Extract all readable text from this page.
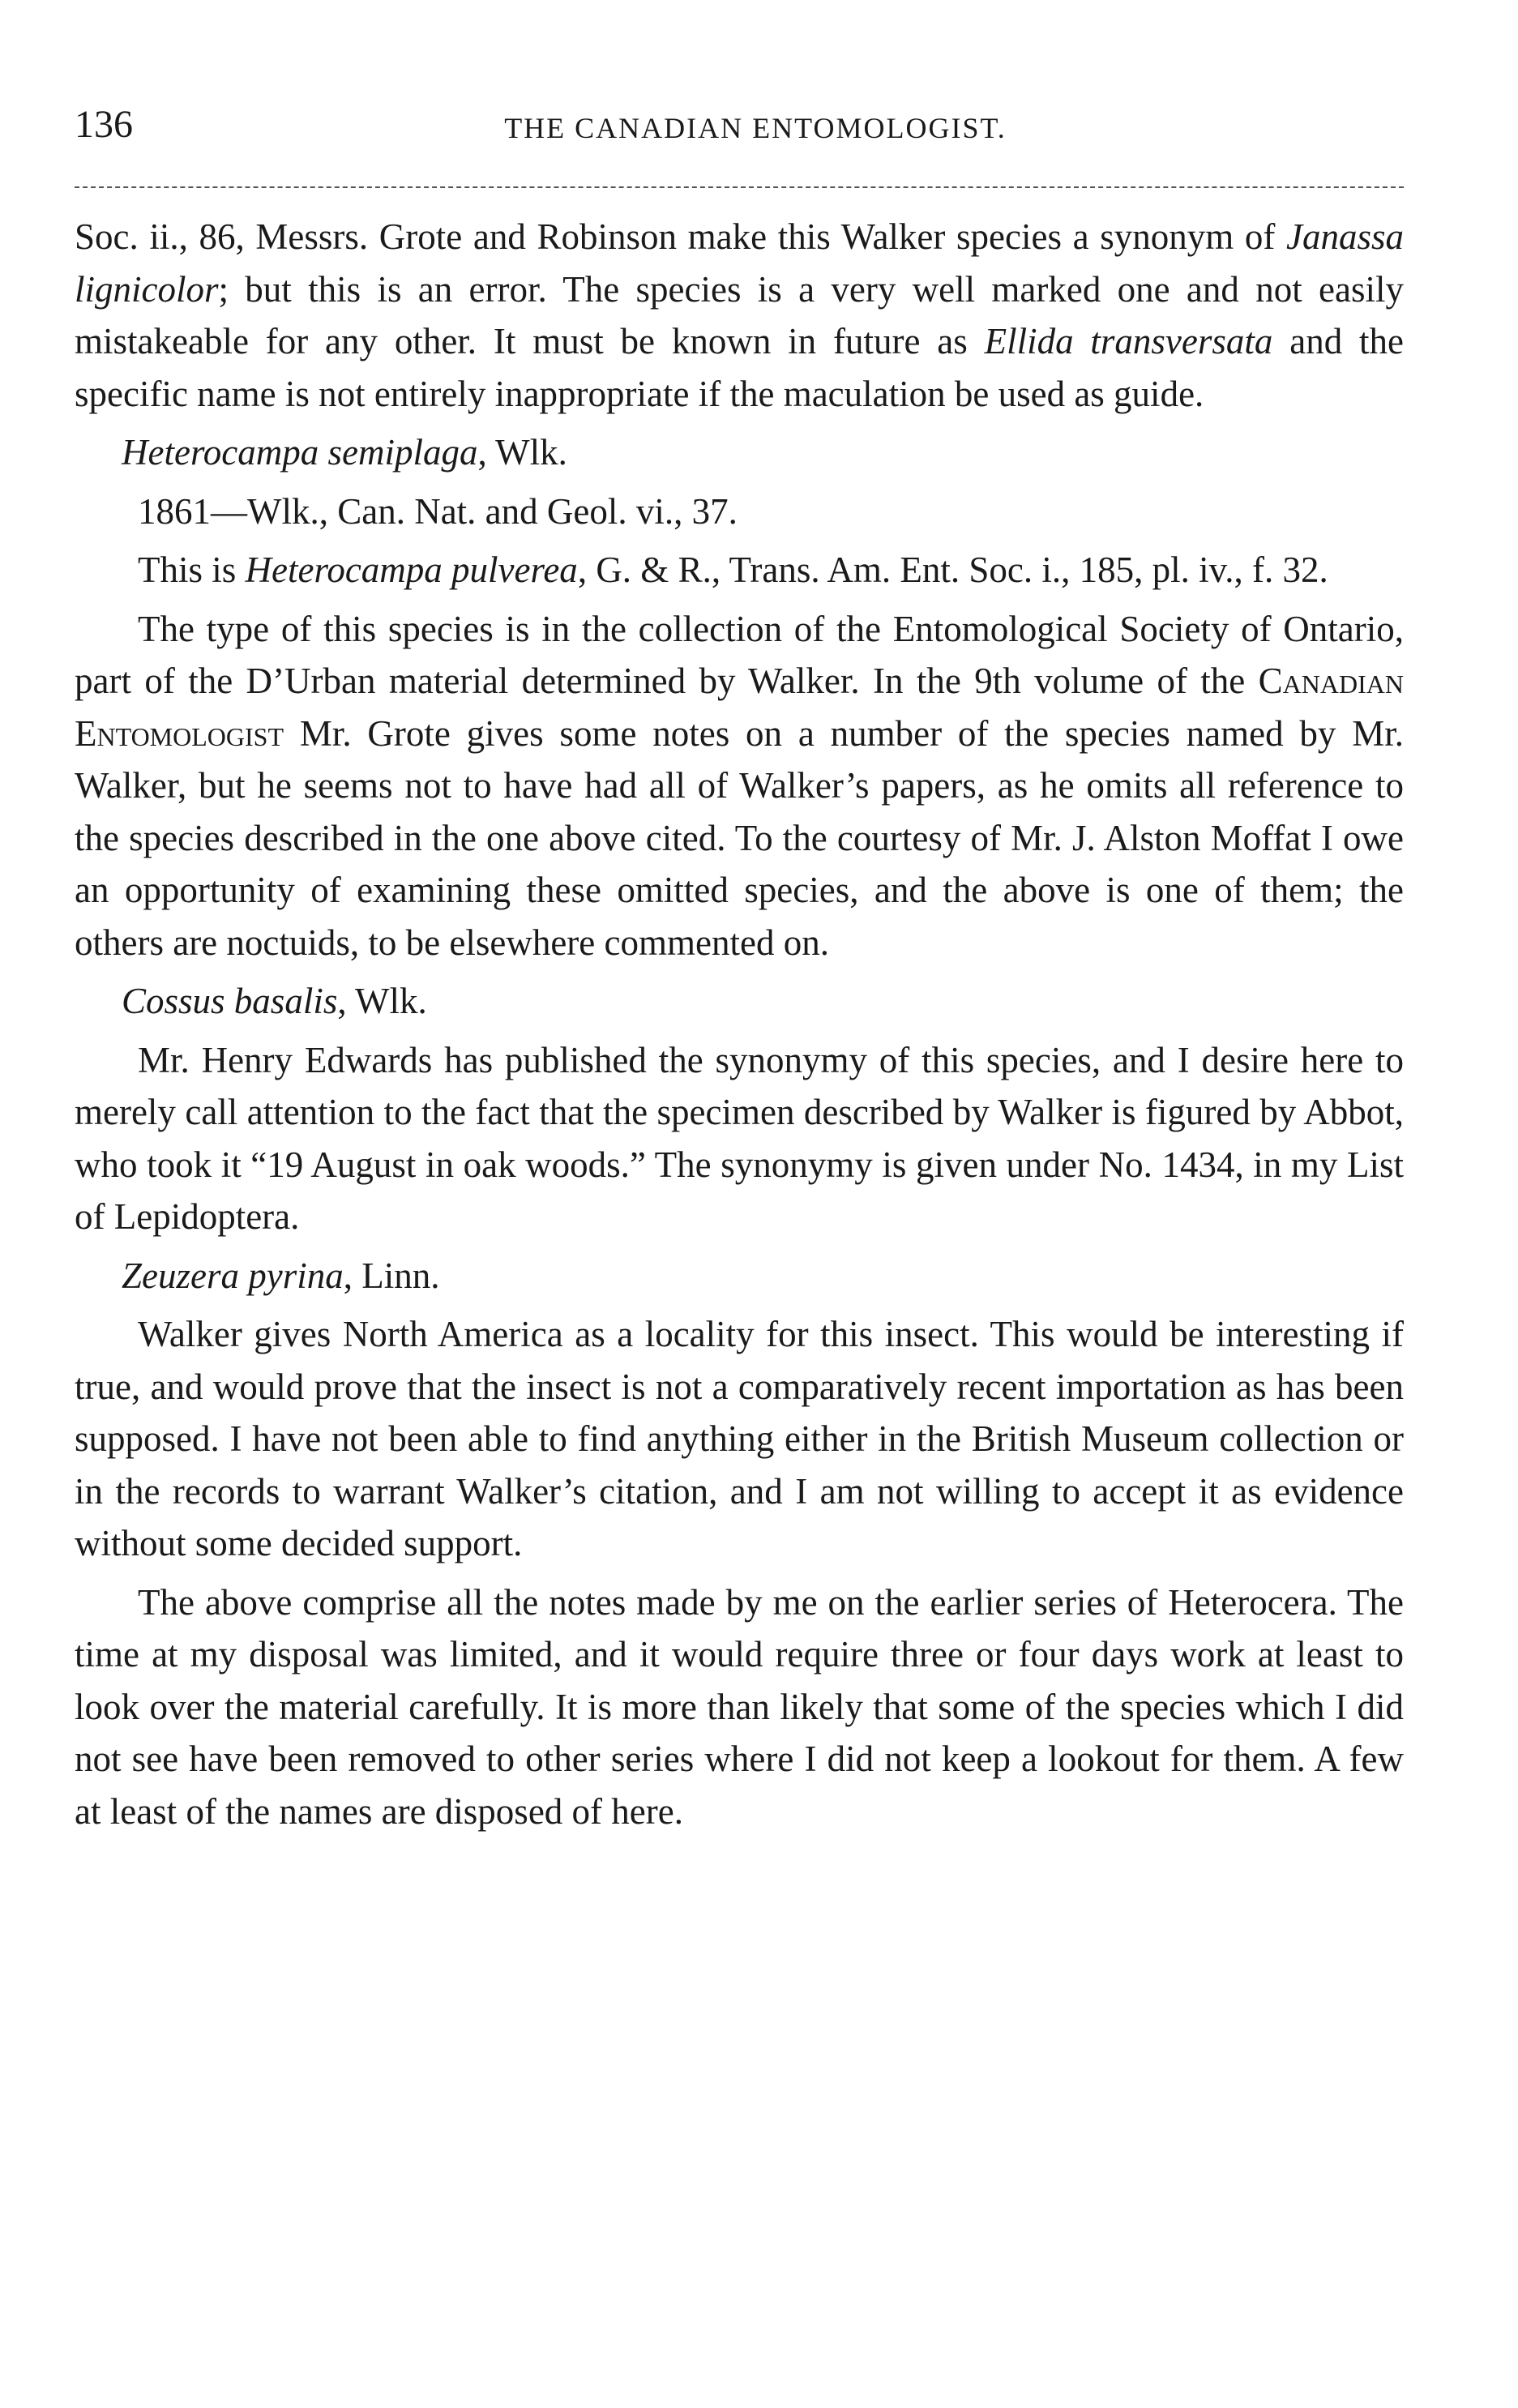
136	THE CANADIAN ENTOMOLOGIST.

Soc. ii., 86, Messrs. Grote and Robinson make this Walker species a synonym of Janassa lignicolor; but this is an error. The species is a very well marked one and not easily mistakeable for any other. It must be known in future as Ellida transversata and the specific name is not entirely inappropriate if the maculation be used as guide.

Heterocampa semiplaga, Wlk.

1861—Wlk., Can. Nat. and Geol. vi., 37.

This is Heterocampa pulverea, G. & R., Trans. Am. Ent. Soc. i., 185, pl. iv., f. 32.

The type of this species is in the collection of the Entomological Society of Ontario, part of the D’Urban material determined by Walker. In the 9th volume of the Canadian Entomologist Mr. Grote gives some notes on a number of the species named by Mr. Walker, but he seems not to have had all of Walker’s papers, as he omits all reference to the species described in the one above cited. To the courtesy of Mr. J. Alston Moffat I owe an opportunity of examining these omitted species, and the above is one of them; the others are noctuids, to be elsewhere commented on.

Cossus basalis, Wlk.

Mr. Henry Edwards has published the synonymy of this species, and I desire here to merely call attention to the fact that the specimen described by Walker is figured by Abbot, who took it “19 August in oak woods.” The synonymy is given under No. 1434, in my List of Lepidoptera.

Zeuzera pyrina, Linn.

Walker gives North America as a locality for this insect. This would be interesting if true, and would prove that the insect is not a comparatively recent importation as has been supposed. I have not been able to find anything either in the British Museum collection or in the records to warrant Walker’s citation, and I am not willing to accept it as evidence without some decided support.

The above comprise all the notes made by me on the earlier series of Heterocera. The time at my disposal was limited, and it would require three or four days work at least to look over the material carefully. It is more than likely that some of the species which I did not see have been removed to other series where I did not keep a lookout for them. A few at least of the names are disposed of here.
